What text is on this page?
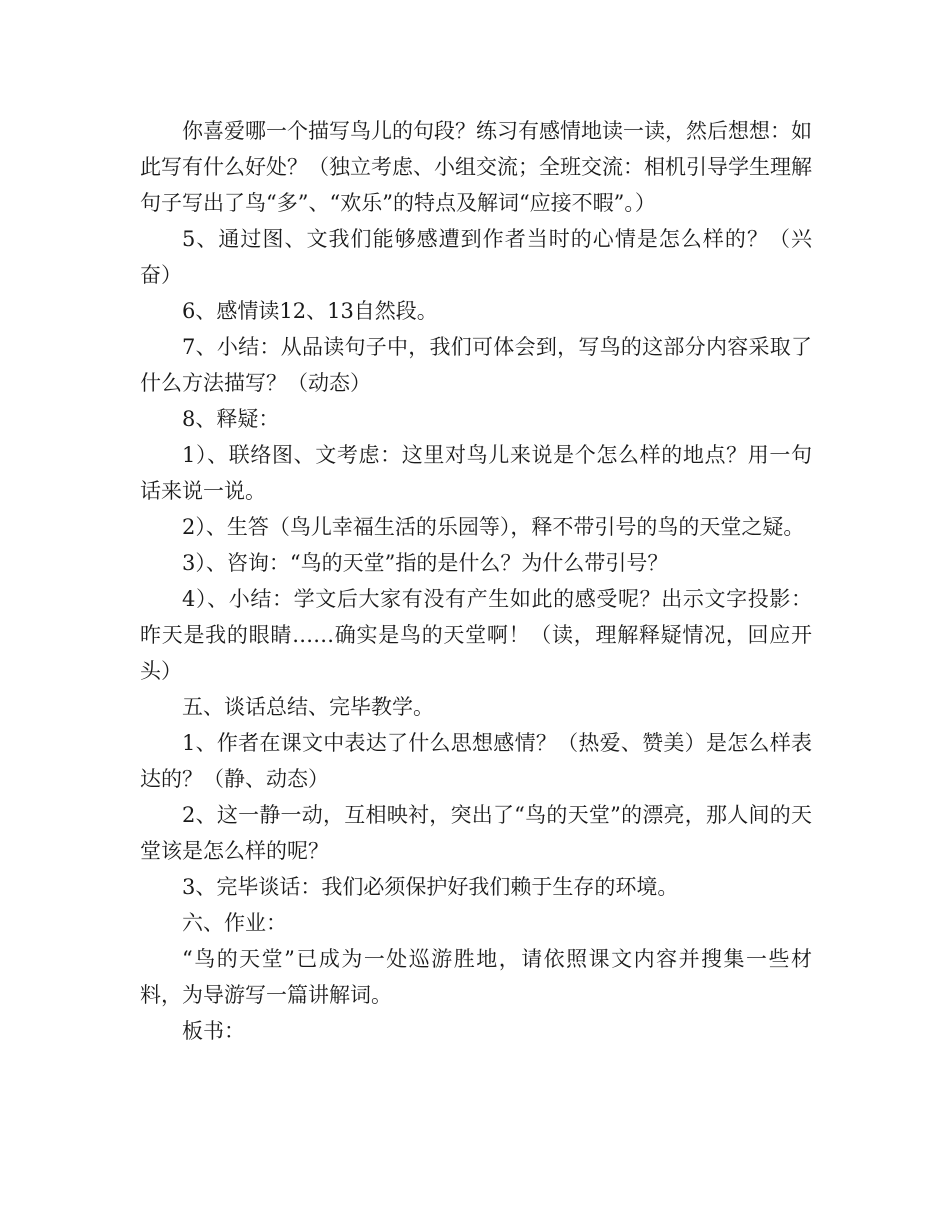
你喜爱哪一个描写鸟儿的句段？练习有感情地读一读，然后想想：如此写有什么好处？（独立考虑、小组交流；全班交流：相机引导学生理解句子写出了鸟“多”、“欢乐”的特点及解词“应接不暇”。）

5、通过图、文我们能够感遭到作者当时的心情是怎么样的？（兴奋）

6、感情读12、13自然段。

7、小结：从品读句子中，我们可体会到，写鸟的这部分内容采取了什么方法描写？（动态）

8、释疑：

1）、联络图、文考虑：这里对鸟儿来说是个怎么样的地点？用一句话来说一说。

2）、生答（鸟儿幸福生活的乐园等），释不带引号的鸟的天堂之疑。

3）、咨询：“鸟的天堂”指的是什么？为什么带引号？

4）、小结：学文后大家有没有产生如此的感受呢？出示文字投影：昨天是我的眼睛……确实是鸟的天堂啊！（读，理解释疑情况，回应开头）

五、谈话总结、完毕教学。

1、作者在课文中表达了什么思想感情？（热爱、赞美）是怎么样表达的？（静、动态）

2、这一静一动，互相映衬，突出了“鸟的天堂”的漂亮，那人间的天堂该是怎么样的呢？

3、完毕谈话：我们必须保护好我们赖于生存的环境。

六、作业：

“鸟的天堂”已成为一处巡游胜地，请依照课文内容并搜集一些材料，为导游写一篇讲解词。

板书：
